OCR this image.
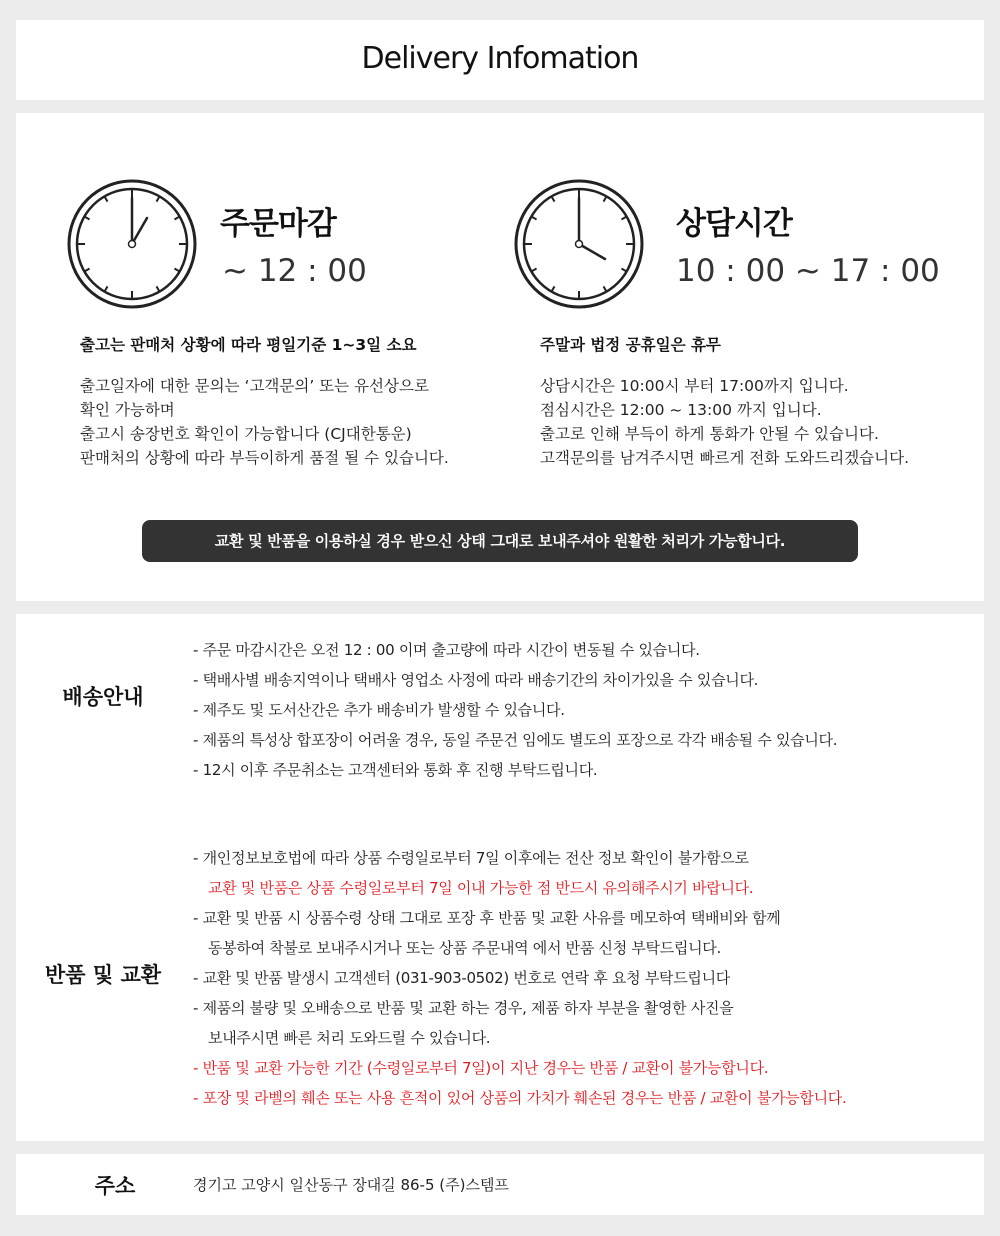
Delivery Infomation
주문마감
~ 12 : 00
출고는 판매처 상황에 따라 평일기준 1~3일 소요
출고일자에 대한 문의는 ‘고객문의’ 또는 유선상으로
확인 가능하며
출고시 송장번호 확인이 가능합니다 (CJ대한통운)
판매처의 상황에 따라 부득이하게 품절 될 수 있습니다.
상담시간
10 : 00 ~ 17 : 00
주말과 법정 공휴일은 휴무
상담시간은 10:00시 부터 17:00까지 입니다.
점심시간은 12:00 ~ 13:00 까지 입니다.
출고로 인해 부득이 하게 통화가 안될 수 있습니다.
고객문의를 남겨주시면 빠르게 전화 도와드리겠습니다.
교환 및 반품을 이용하실 경우 받으신 상태 그대로 보내주셔야 원활한 처리가 가능합니다.
배송안내
- 주문 마감시간은 오전 12 : 00 이며 출고량에 따라 시간이 변동될 수 있습니다.
- 택배사별 배송지역이나 택배사 영업소 사정에 따라 배송기간의 차이가있을 수 있습니다.
- 제주도 및 도서산간은 추가 배송비가 발생할 수 있습니다.
- 제품의 특성상 합포장이 어려울 경우, 동일 주문건 임에도 별도의 포장으로 각각 배송될 수 있습니다.
- 12시 이후 주문취소는 고객센터와 통화 후 진행 부탁드립니다.
반품 및 교환
- 개인정보보호법에 따라 상품 수령일로부터 7일 이후에는 전산 정보 확인이 불가함으로
교환 및 반품은 상품 수령일로부터 7일 이내 가능한 점 반드시 유의해주시기 바랍니다.
- 교환 및 반품 시 상품수령 상태 그대로 포장 후 반품 및 교환 사유를 메모하여 택배비와 함께
동봉하여 착불로 보내주시거나 또는 상품 주문내역 에서 반품 신청 부탁드립니다.
- 교환 및 반품 발생시 고객센터 (031-903-0502) 번호로 연락 후 요청 부탁드립니다
- 제품의 불량 및 오배송으로 반품 및 교환 하는 경우, 제품 하자 부분을 촬영한 사진을
보내주시면 빠른 처리 도와드릴 수 있습니다.
- 반품 및 교환 가능한 기간 (수령일로부터 7일)이 지난 경우는 반품 / 교환이 불가능합니다.
- 포장 및 라벨의 훼손 또는 사용 흔적이 있어 상품의 가치가 훼손된 경우는 반품 / 교환이 불가능합니다.
주소	경기고 고양시 일산동구 장대길 86-5 (주)스템프
